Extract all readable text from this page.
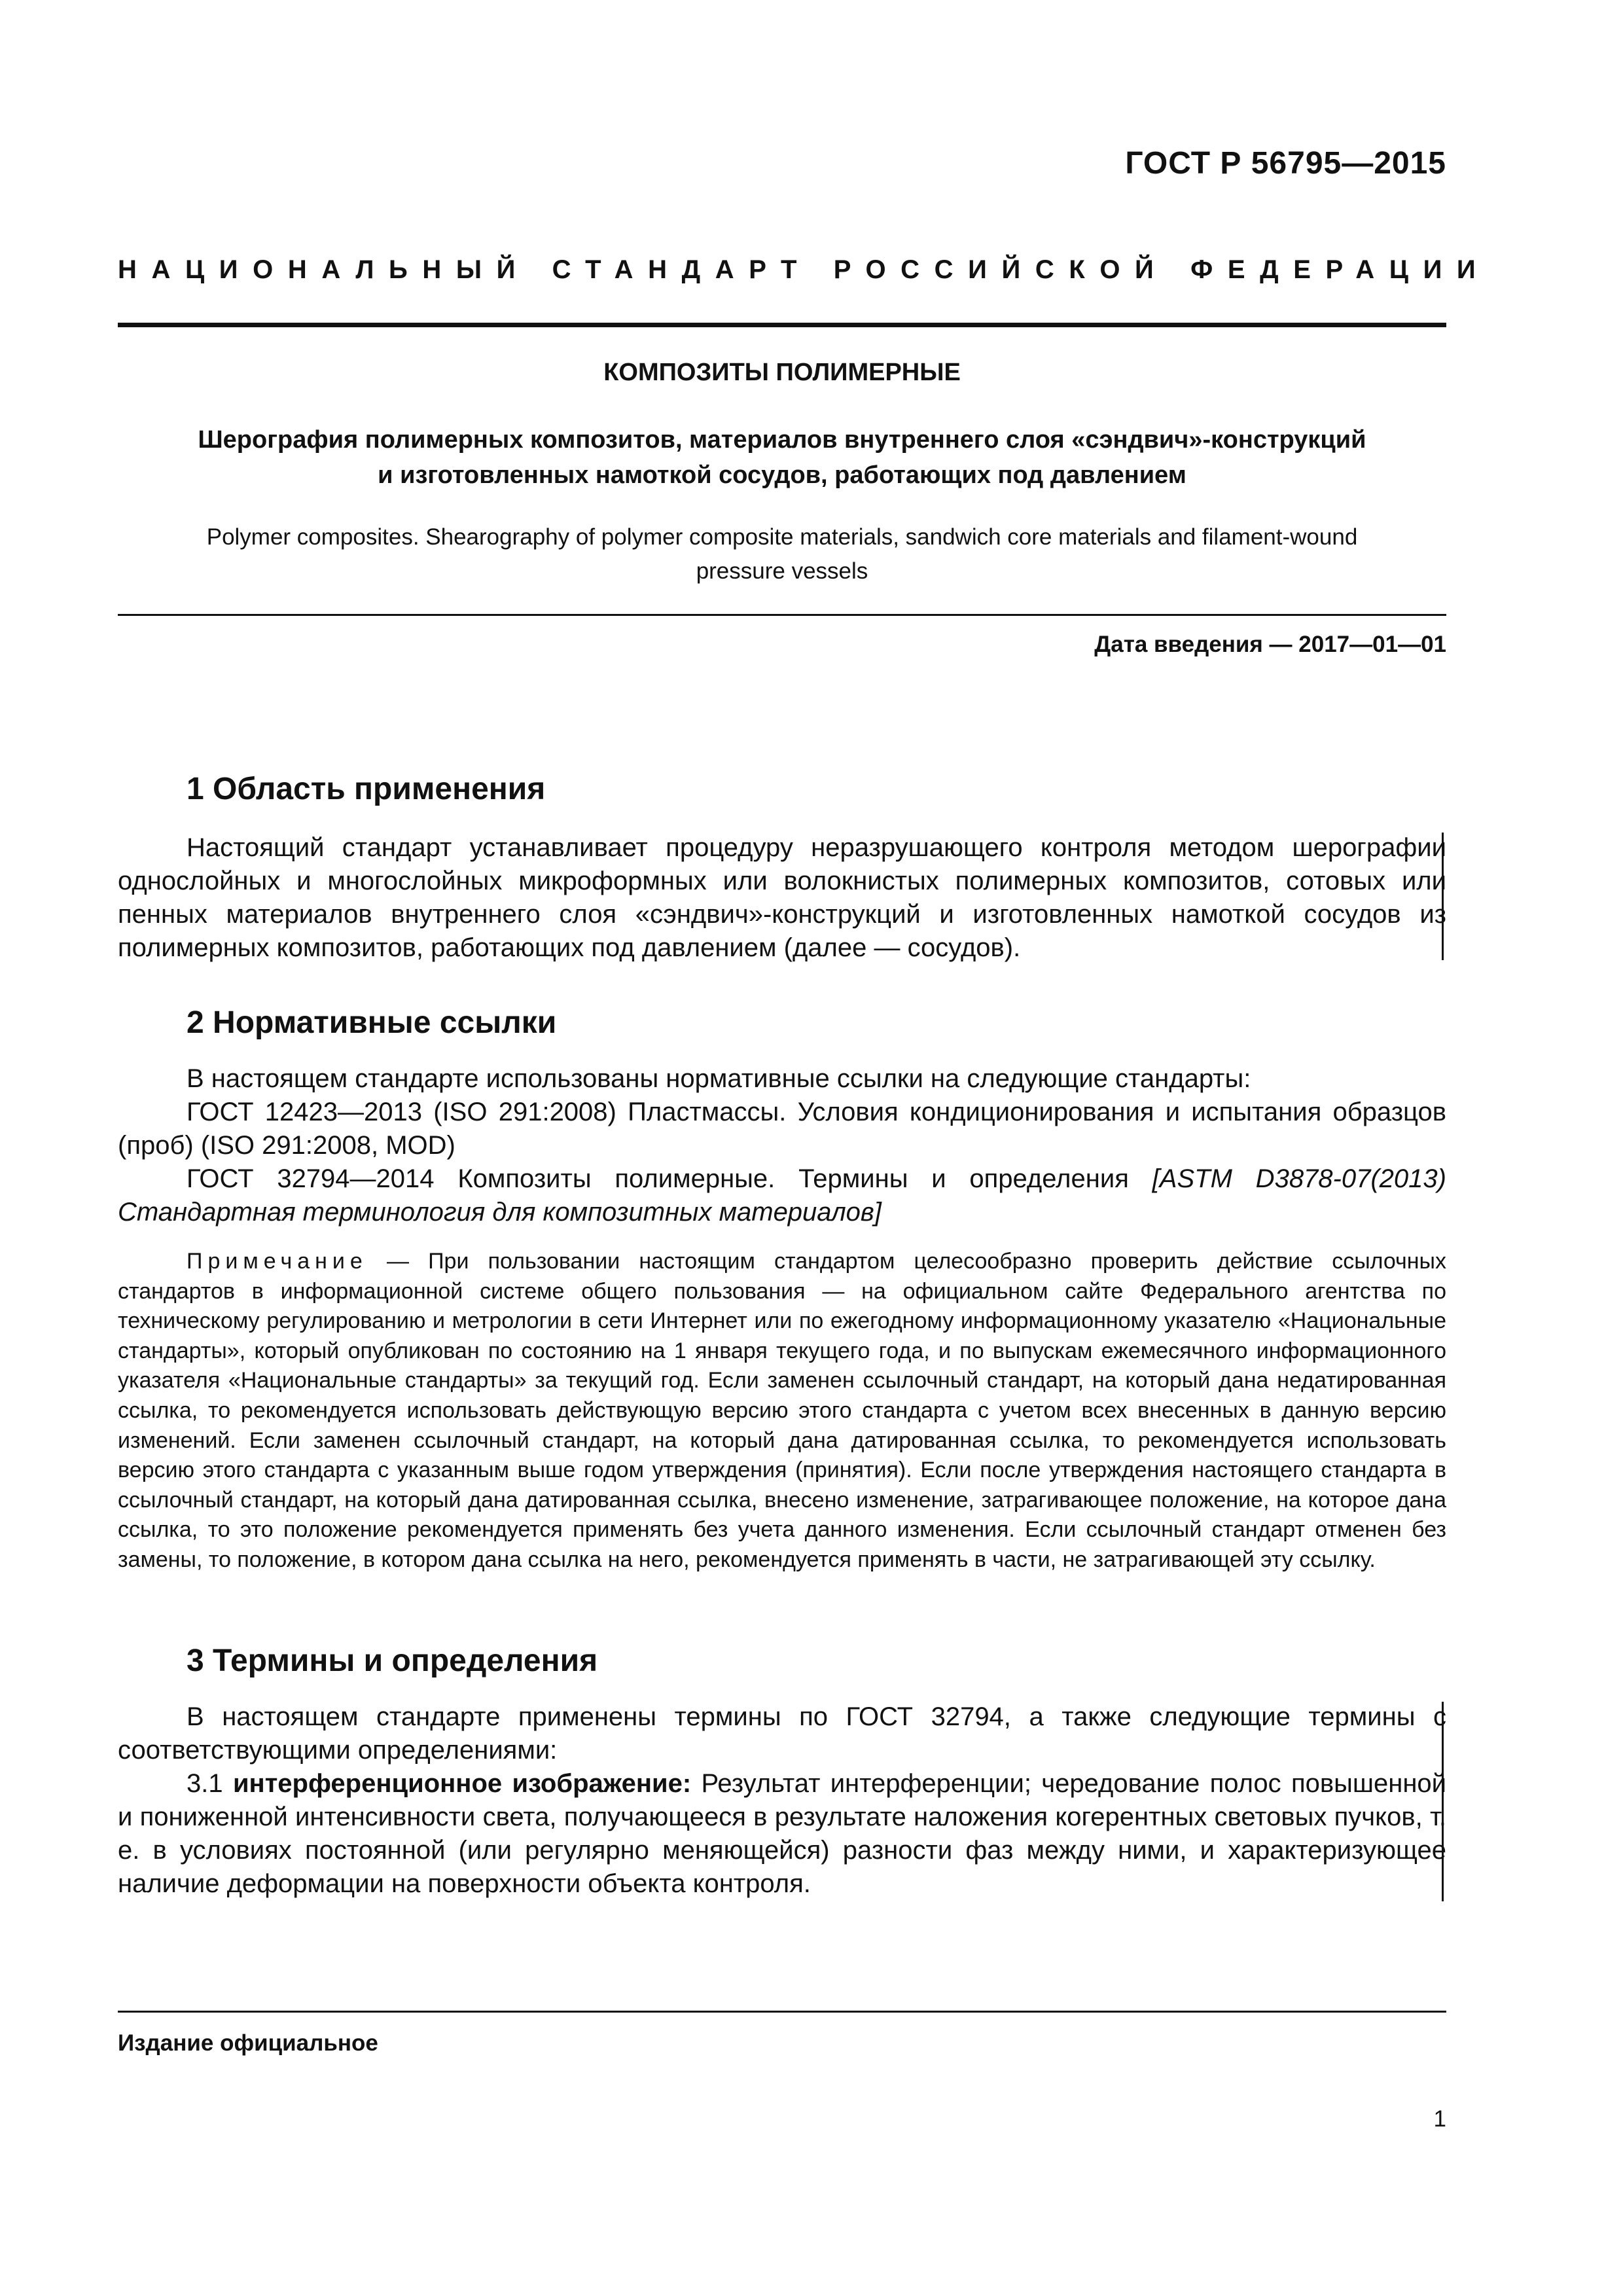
ГОСТ Р 56795—2015
НАЦИОНАЛЬНЫЙ СТАНДАРТ РОССИЙСКОЙ ФЕДЕРАЦИИ
КОМПОЗИТЫ ПОЛИМЕРНЫЕ
Шерография полимерных композитов, материалов внутреннего слоя «сэндвич»-конструкций
и изготовленных намоткой сосудов, работающих под давлением
Polymer composites. Shearography of polymer composite materials, sandwich core materials and filament-wound
pressure vessels
Дата введения — 2017—01—01
1 Область применения

Настоящий стандарт устанавливает процедуру неразрушающего контроля методом шерографии однослойных и многослойных микроформных или волокнистых полимерных композитов, сотовых или пенных материалов внутреннего слоя «сэндвич»-конструкций и изготовленных намоткой сосудов из полимерных композитов, работающих под давлением (далее — сосудов).

2 Нормативные ссылки

В настоящем стандарте использованы нормативные ссылки на следующие стандарты:

ГОСТ 12423—2013 (ISO 291:2008) Пластмассы. Условия кондиционирования и испытания образцов (проб) (ISO 291:2008, MOD)

ГОСТ 32794—2014 Композиты полимерные. Термины и определения [ASTM D3878-07(2013) Стандартная терминология для композитных материалов]

Примечание — При пользовании настоящим стандартом целесообразно проверить действие ссылочных стандартов в информационной системе общего пользования — на официальном сайте Федерального агентства по техническому регулированию и метрологии в сети Интернет или по ежегодному информационному указателю «Национальные стандарты», который опубликован по состоянию на 1 января текущего года, и по выпускам ежемесячного информационного указателя «Национальные стандарты» за текущий год. Если заменен ссылочный стандарт, на который дана недатированная ссылка, то рекомендуется использовать действующую версию этого стандарта с учетом всех внесенных в данную версию изменений. Если заменен ссылочный стандарт, на который дана датированная ссылка, то рекомендуется использовать версию этого стандарта с указанным выше годом утверждения (принятия). Если после утверждения настоящего стандарта в ссылочный стандарт, на который дана датированная ссылка, внесено изменение, затрагивающее положение, на которое дана ссылка, то это положение рекомендуется применять без учета данного изменения. Если ссылочный стандарт отменен без замены, то положение, в котором дана ссылка на него, рекомендуется применять в части, не затрагивающей эту ссылку.
3 Термины и определения

В настоящем стандарте применены термины по ГОСТ 32794, а также следующие термины с соответствующими определениями:

3.1 интерференционное изображение: Результат интерференции; чередование полос повышенной и пониженной интенсивности света, получающееся в результате наложения когерентных световых пучков, т. е. в условиях постоянной (или регулярно меняющейся) разности фаз между ними, и характеризующее наличие деформации на поверхности объекта контроля.

Издание официальное
1
